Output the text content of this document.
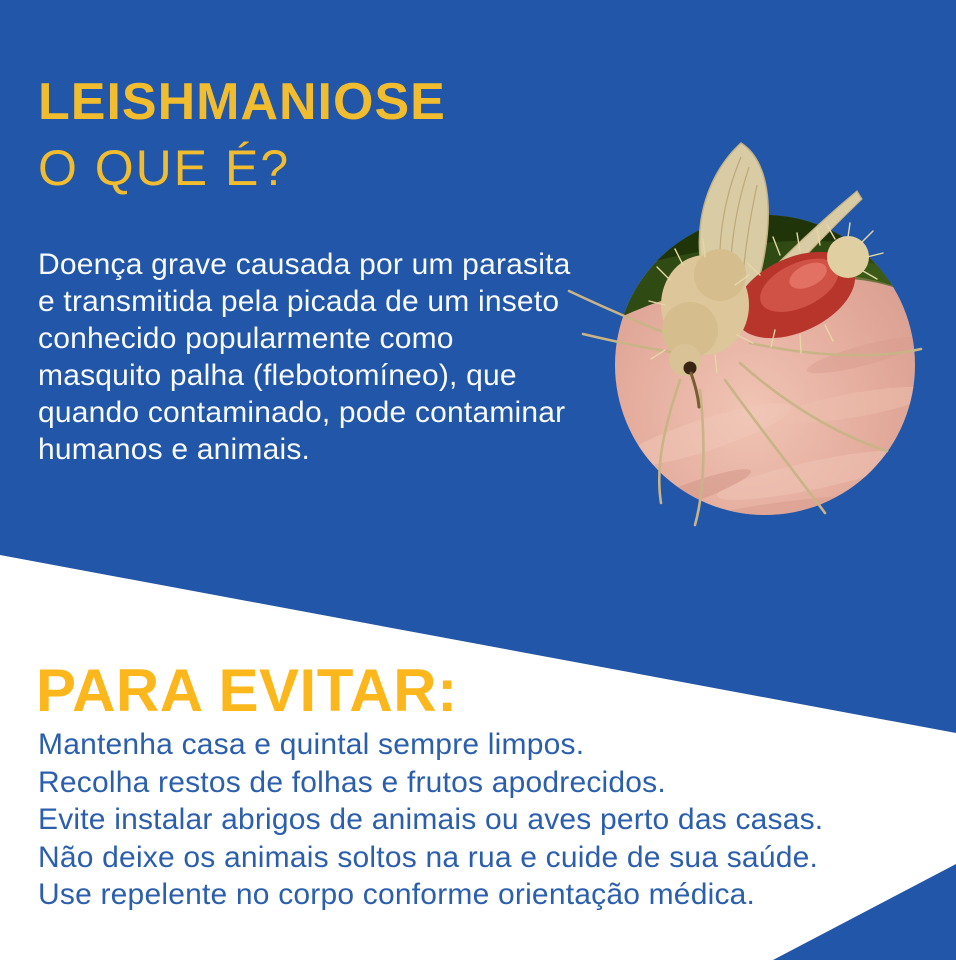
LEISHMANIOSE
O QUE É?
Doença grave causada por um parasita
e transmitida pela picada de um inseto
conhecido popularmente como
masquito palha (flebotomíneo), que
quando contaminado, pode contaminar
humanos e animais.
PARA EVITAR:
Mantenha casa e quintal sempre limpos.
Recolha restos de folhas e frutos apodrecidos.
Evite instalar abrigos de animais ou aves perto das casas.
Não deixe os animais soltos na rua e cuide de sua saúde.
Use repelente no corpo conforme orientação médica.
